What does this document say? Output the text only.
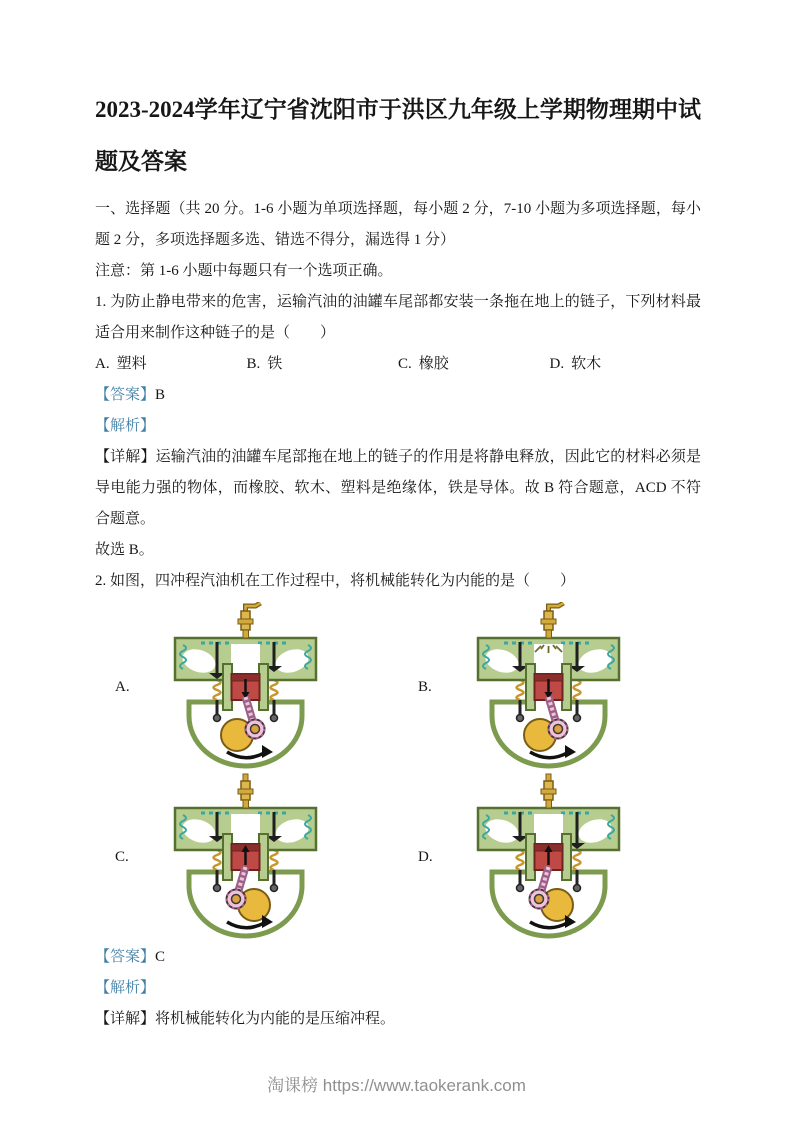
2023-2024学年辽宁省沈阳市于洪区九年级上学期物理期中试题及答案

一、选择题（共 20 分。1-6 小题为单项选择题，每小题 2 分，7-10 小题为多项选择题，每小题 2 分，多项选择题多选、错选不得分，漏选得 1 分）

注意：第 1-6 小题中每题只有一个选项正确。

1. 为防止静电带来的危害，运输汽油的油罐车尾部都安装一条拖在地上的链子，下列材料最适合用来制作这种链子的是（　　）

A. 塑料	B. 铁	C. 橡胶	D. 软木

【答案】B

【解析】

【详解】运输汽油的油罐车尾部拖在地上的链子的作用是将静电释放，因此它的材料必须是导电能力强的物体，而橡胶、软木、塑料是绝缘体，铁是导体。故 B 符合题意，ACD 不符合题意。

故选 B。

2. 如图，四冲程汽油机在工作过程中，将机械能转化为内能的是（　　）

A.	B.
C.	D.

【答案】C

【解析】

【详解】将机械能转化为内能的是压缩冲程。

淘课榜 https://www.taokerank.com
